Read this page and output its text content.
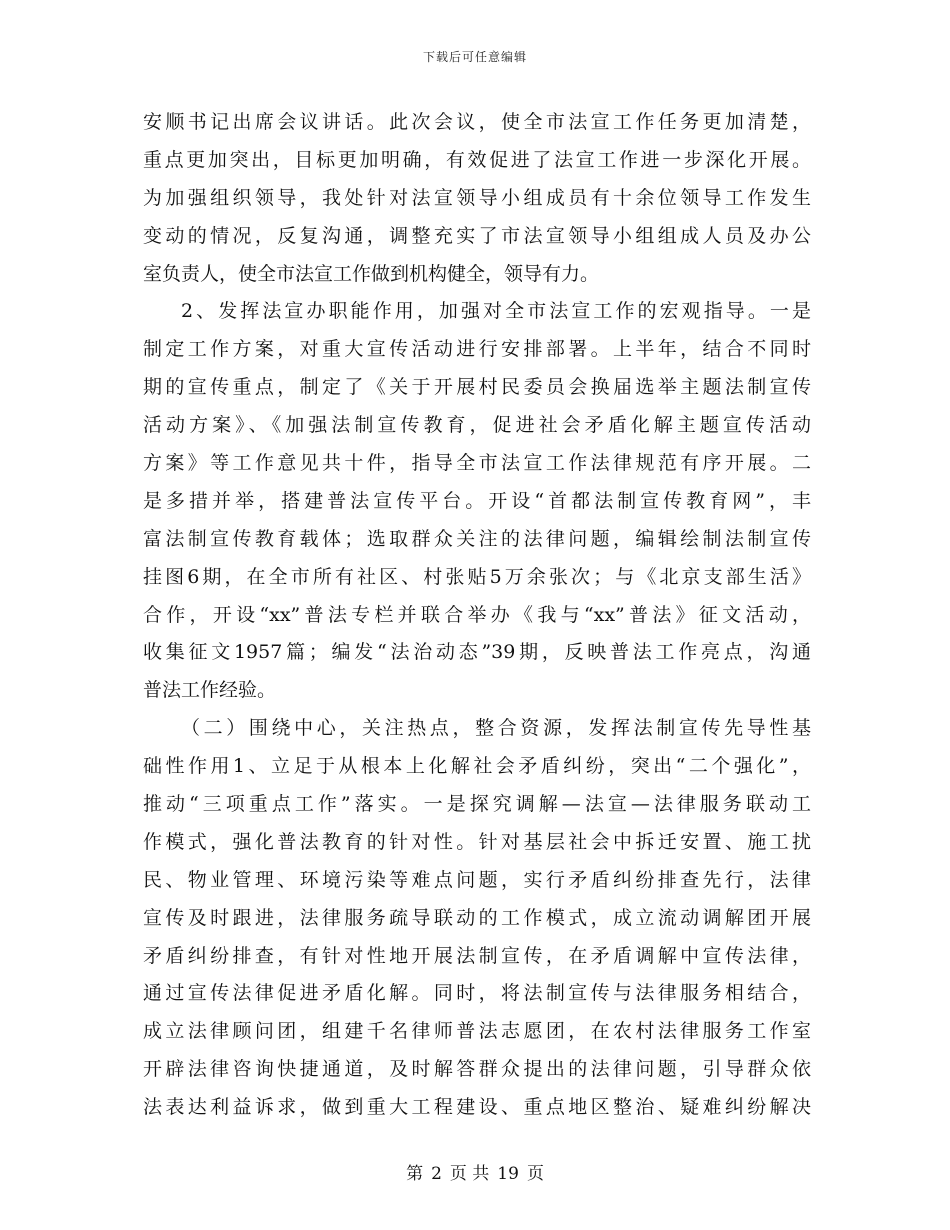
下载后可任意编辑
安顺书记出席会议讲话。此次会议，使全市法宣工作任务更加清楚，
重点更加突出，目标更加明确，有效促进了法宣工作进一步深化开展。
为加强组织领导，我处针对法宣领导小组成员有十余位领导工作发生
变动的情况，反复沟通，调整充实了市法宣领导小组组成人员及办公
室负责人，使全市法宣工作做到机构健全，领导有力。
2、发挥法宣办职能作用，加强对全市法宣工作的宏观指导。一是
制定工作方案，对重大宣传活动进行安排部署。上半年，结合不同时
期的宣传重点，制定了《关于开展村民委员会换届选举主题法制宣传
活动方案》、《加强法制宣传教育，促进社会矛盾化解主题宣传活动
方案》等工作意见共十件，指导全市法宣工作法律规范有序开展。二
是多措并举，搭建普法宣传平台。开设“首都法制宣传教育网”，丰
富法制宣传教育载体；选取群众关注的法律问题，编辑绘制法制宣传
挂图6期，在全市所有社区、村张贴5万余张次；与《北京支部生活》
合作，开设“xx”普法专栏并联合举办《我与“xx”普法》征文活动，
收集征文1957篇；编发“法治动态”39期，反映普法工作亮点，沟通
普法工作经验。
（二）围绕中心，关注热点，整合资源，发挥法制宣传先导性基
础性作用1、立足于从根本上化解社会矛盾纠纷，突出“二个强化”，
推动“三项重点工作”落实。一是探究调解—法宣—法律服务联动工
作模式，强化普法教育的针对性。针对基层社会中拆迁安置、施工扰
民、物业管理、环境污染等难点问题，实行矛盾纠纷排查先行，法律
宣传及时跟进，法律服务疏导联动的工作模式，成立流动调解团开展
矛盾纠纷排查，有针对性地开展法制宣传，在矛盾调解中宣传法律，
通过宣传法律促进矛盾化解。同时，将法制宣传与法律服务相结合，
成立法律顾问团，组建千名律师普法志愿团，在农村法律服务工作室
开辟法律咨询快捷通道，及时解答群众提出的法律问题，引导群众依
法表达利益诉求，做到重大工程建设、重点地区整治、疑难纠纷解决
第 2 页 共 19 页
